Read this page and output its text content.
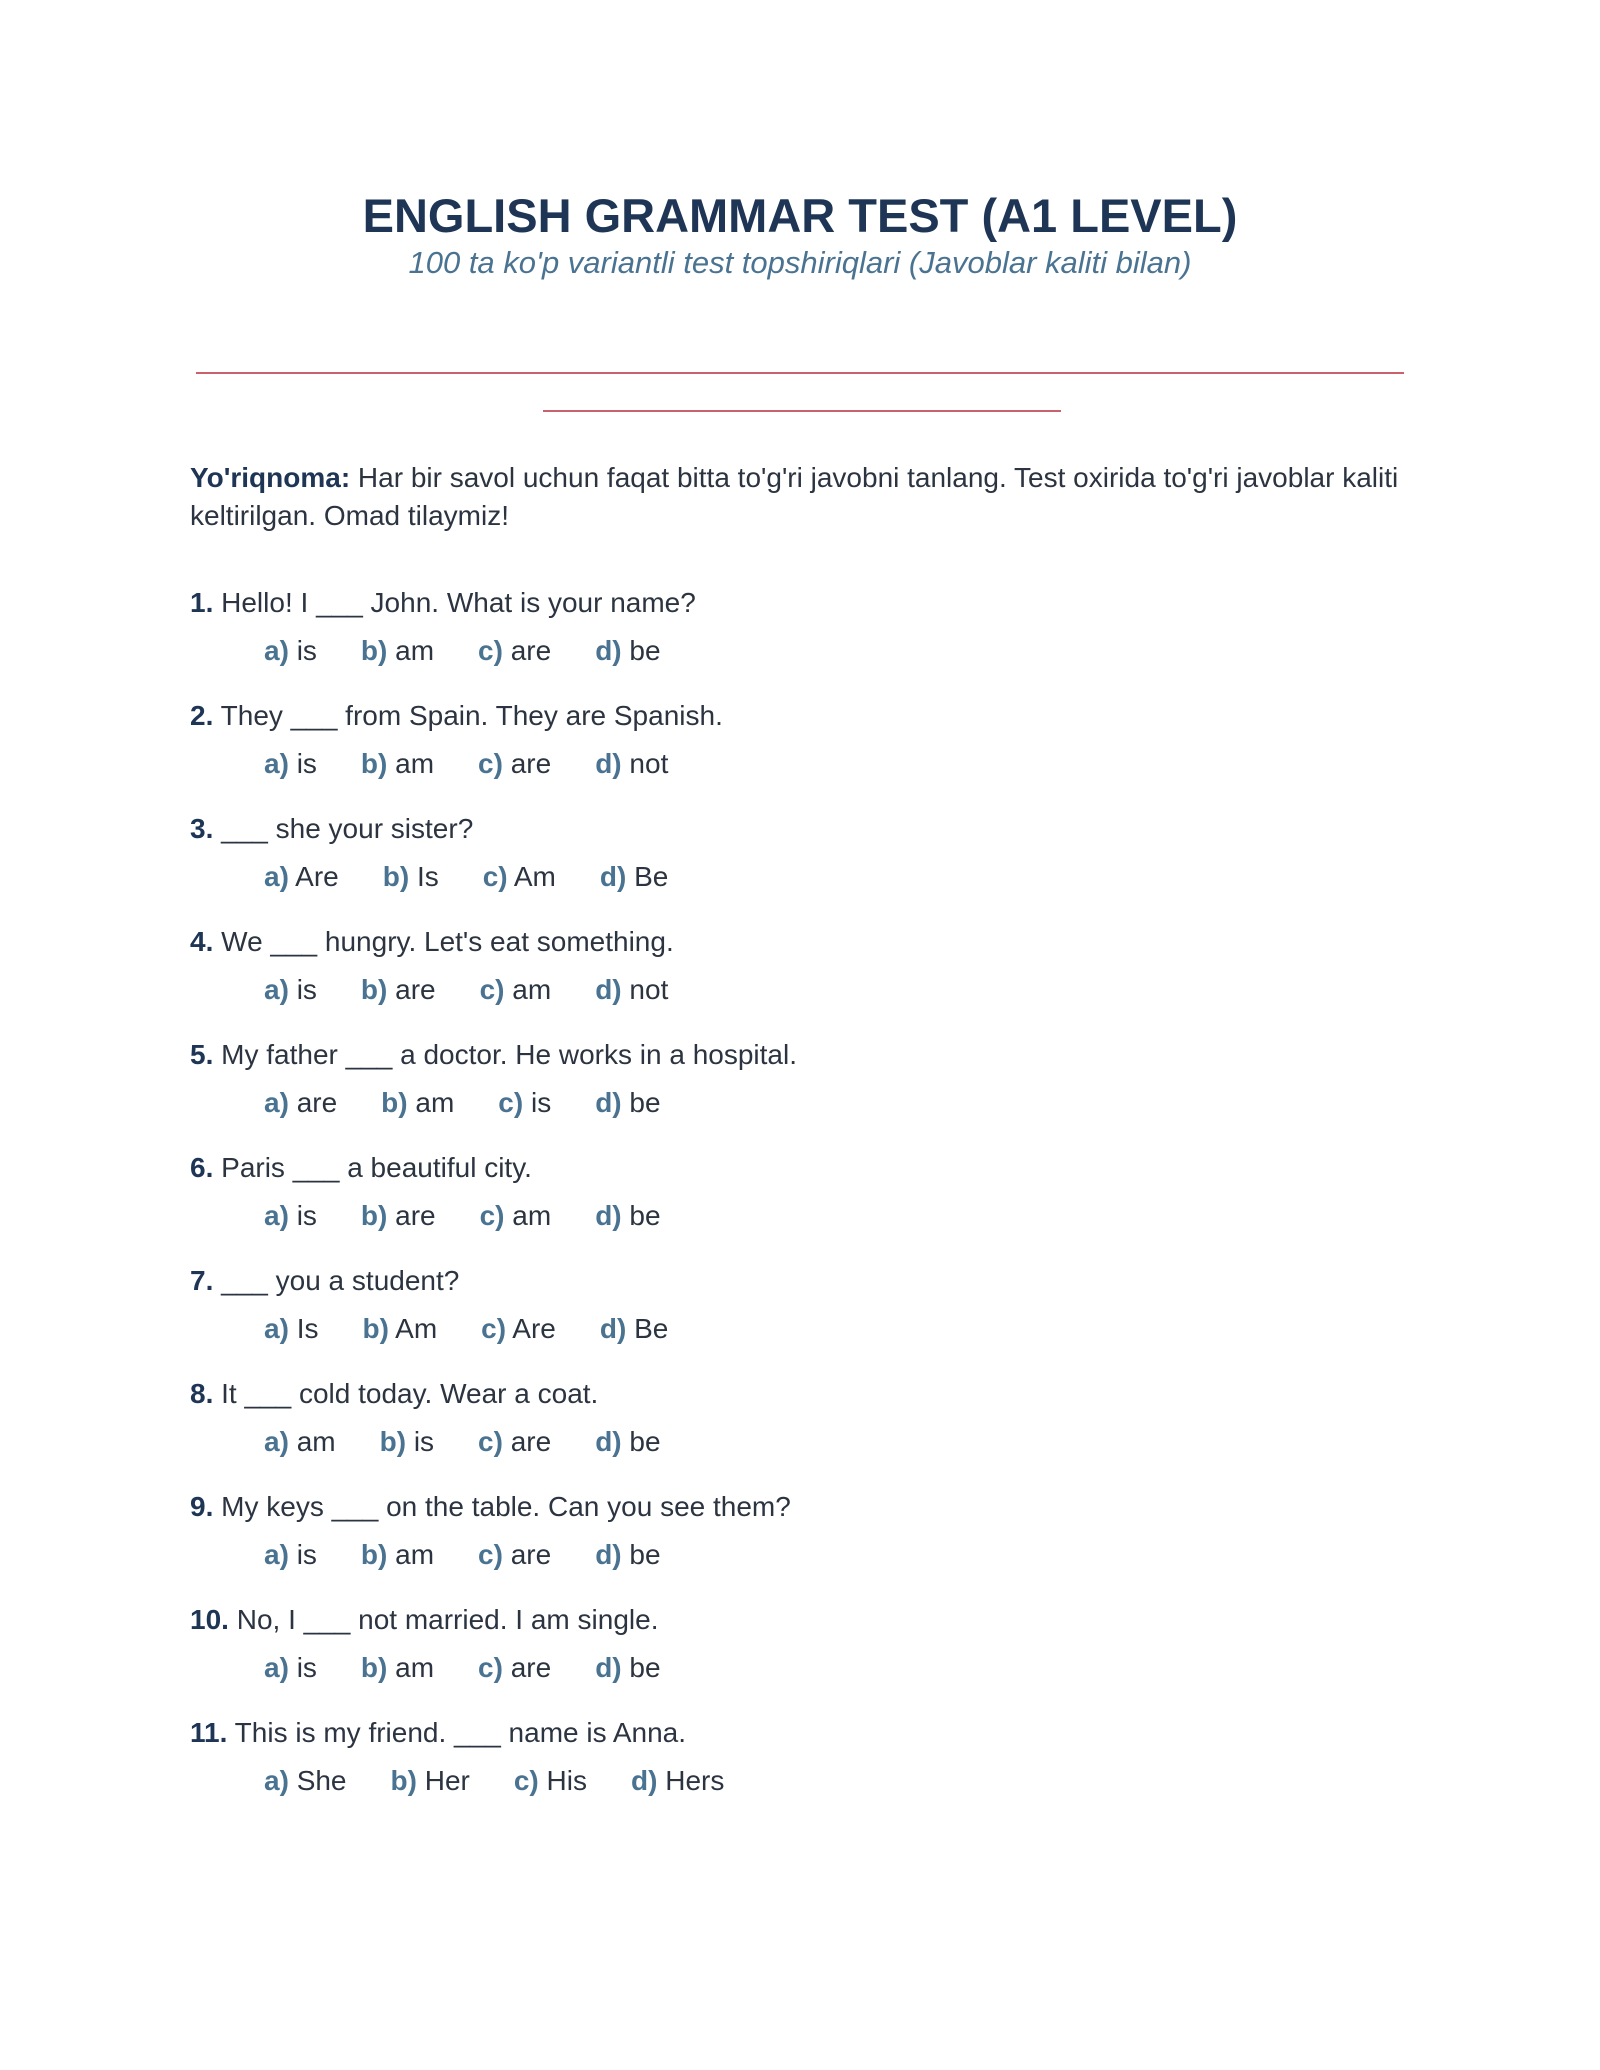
ENGLISH GRAMMAR TEST (A1 LEVEL)
100 ta ko'p variantli test topshiriqlari (Javoblar kaliti bilan)

Yo'riqnoma: Har bir savol uchun faqat bitta to'g'ri javobni tanlang. Test oxirida to'g'ri javoblar kaliti keltirilgan. Omad tilaymiz!

1. Hello! I ___ John. What is your name?
a) is b) am c) are d) be
2. They ___ from Spain. They are Spanish.
a) is b) am c) are d) not
3. ___ she your sister?
a) Are b) Is c) Am d) Be
4. We ___ hungry. Let's eat something.
a) is b) are c) am d) not
5. My father ___ a doctor. He works in a hospital.
a) are b) am c) is d) be
6. Paris ___ a beautiful city.
a) is b) are c) am d) be
7. ___ you a student?
a) Is b) Am c) Are d) Be
8. It ___ cold today. Wear a coat.
a) am b) is c) are d) be
9. My keys ___ on the table. Can you see them?
a) is b) am c) are d) be
10. No, I ___ not married. I am single.
a) is b) am c) are d) be
11. This is my friend. ___ name is Anna.
a) She b) Her c) His d) Hers
